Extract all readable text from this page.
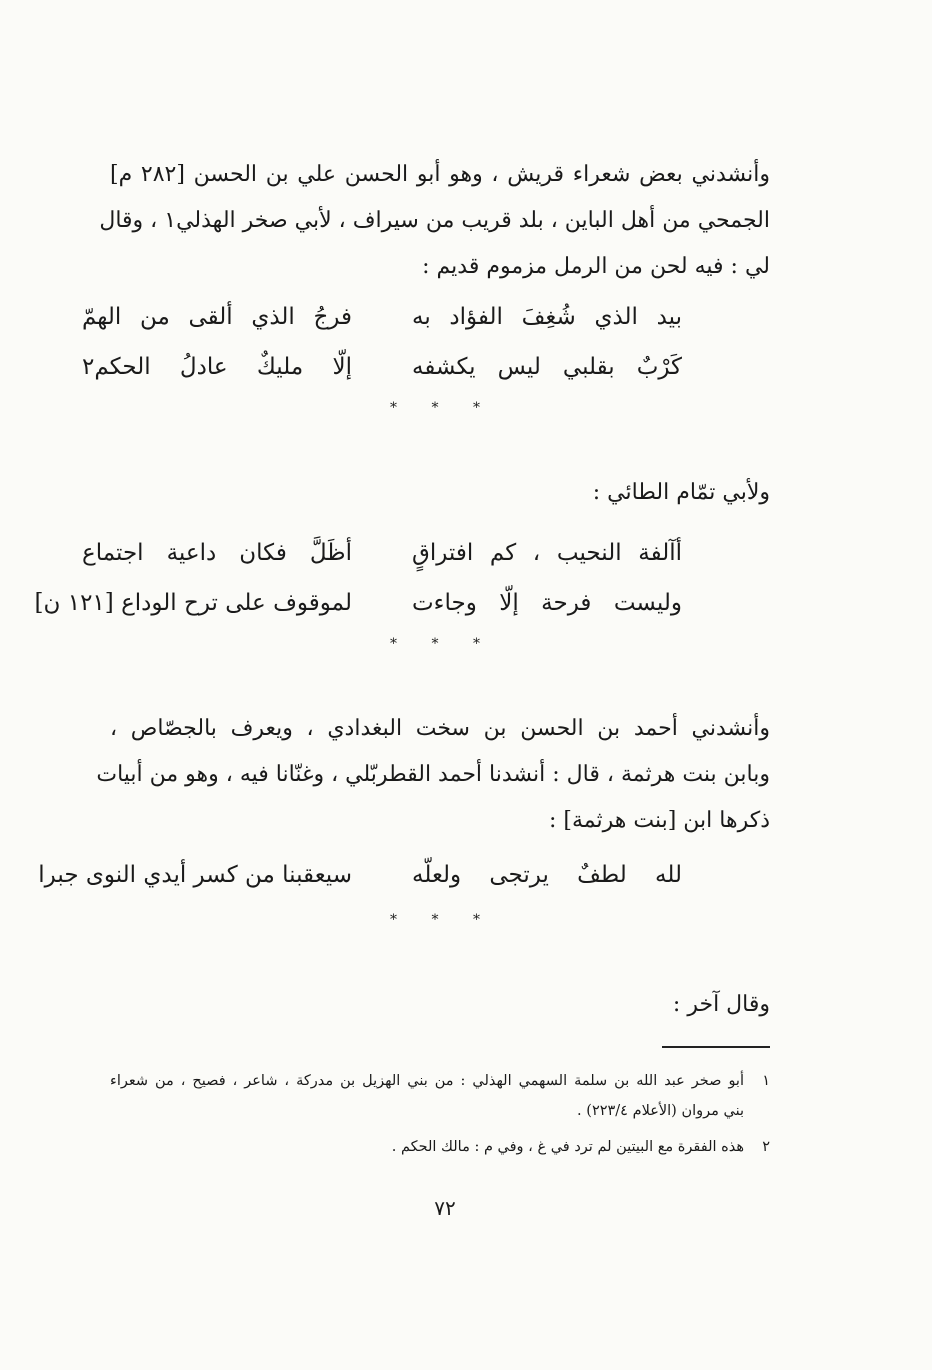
وأنشدني بعض شعراء قريش ، وهو أبو الحسن علي بن الحسن [٢٨٢ م]
الجمحي من أهل الباين ، بلد قريب من سيراف ، لأبي صخر الهذلي١ ، وقال
لي : فيه لحن من الرمل مزموم قديم :
بيد الذي شُغِفَ الفؤاد به
فرجُ الذي ألقى من الهمّ
كَرْبٌ بقلبي ليس يكشفه
إلّا مليكٌ عادلُ الحكم٢
* * *
ولأبي تمّام الطائي :
أآلفة النحيب ، كم افتراقٍ
أظَلَّ فكان داعية اجتماع
وليست فرحة إلّا وجاءت
لموقوف على ترح الوداع [١٢١ ن]
* * *
وأنشدني أحمد بن الحسن بن سخت البغدادي ، ويعرف بالجصّاص ،
وبابن بنت هرثمة ، قال : أنشدنا أحمد القطربّلي ، وغنّانا فيه ، وهو من أبيات
ذكرها ابن [بنت هرثمة] :
لله لطفٌ يرتجى ولعلّه
سيعقبنا من كسر أيدي النوى جبرا
* * *
وقال آخر :
١
أبو صخر عبد الله بن سلمة السهمي الهذلي : من بني الهزيل بن مدركة ، شاعر ، فصيح ، من شعراء
بني مروان (الأعلام ٢٢٣/٤) .
٢
هذه الفقرة مع البيتين لم ترد في غ ، وفي م : مالك الحكم .
٧٢
